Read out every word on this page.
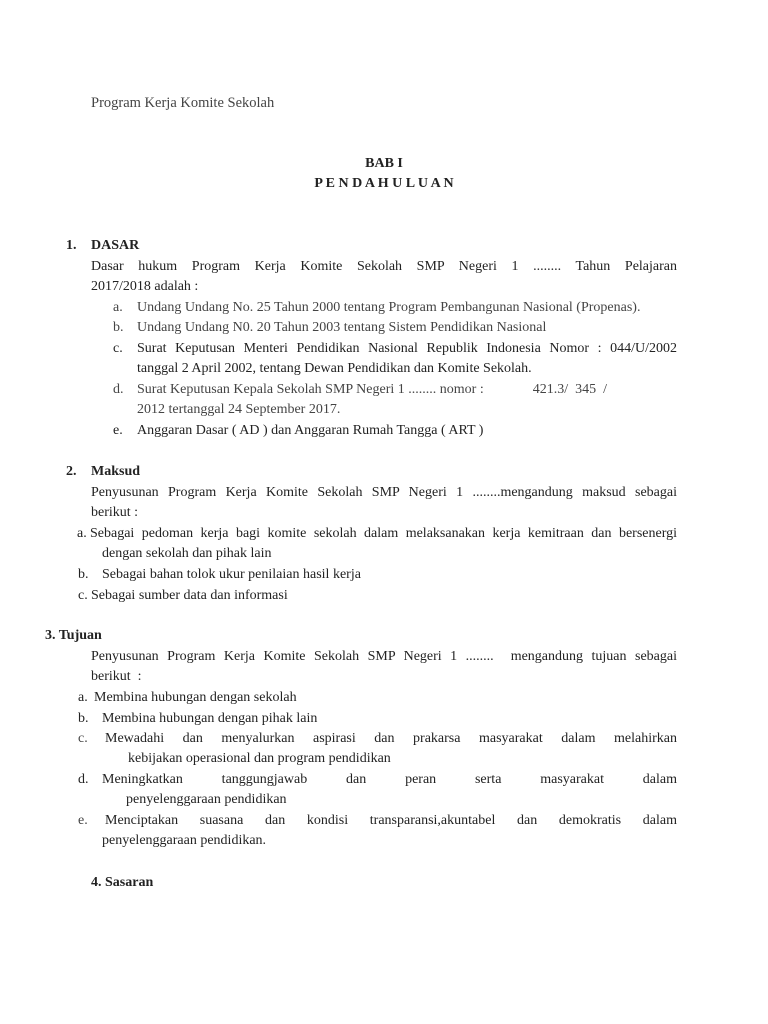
Program Kerja Komite Sekolah
BAB I
P E N D A H U L U A N
1. DASAR
Dasar hukum Program Kerja Komite Sekolah SMP Negeri 1 ........ Tahun Pelajaran
2017/2018 adalah :
a. Undang Undang No. 25 Tahun 2000 tentang Program Pembangunan Nasional (Propenas).
b. Undang Undang N0. 20 Tahun 2003 tentang Sistem Pendidikan Nasional
c. Surat Keputusan Menteri Pendidikan Nasional Republik Indonesia Nomor : 044/U/2002
tanggal 2 April 2002, tentang Dewan Pendidikan dan Komite Sekolah.
d. Surat Keputusan Kepala Sekolah SMP Negeri 1 ........ nomor :              421.3/  345  /
2012 tertanggal 24 September 2017.
e. Anggaran Dasar ( AD ) dan Anggaran Rumah Tangga ( ART )
2. Maksud
Penyusunan Program Kerja Komite Sekolah SMP Negeri 1 ........mengandung maksud sebagai
berikut :
a. Sebagai pedoman kerja bagi komite sekolah dalam melaksanakan kerja kemitraan dan bersenergi
dengan sekolah dan pihak lain
b. Sebagai bahan tolok ukur penilaian hasil kerja
c. Sebagai sumber data dan informasi
3. Tujuan
Penyusunan Program Kerja Komite Sekolah SMP Negeri 1 ........  mengandung tujuan sebagai
berikut  :
a. Membina hubungan dengan sekolah
b. Membina hubungan dengan pihak lain
c. Mewadahi dan menyalurkan aspirasi dan prakarsa masyarakat dalam melahirkan
kebijakan operasional dan program pendidikan
d. Meningkatkan tanggungjawab dan peran serta masyarakat dalam
penyelenggaraan pendidikan
e. Menciptakan suasana dan kondisi transparansi,akuntabel dan demokratis dalam
penyelenggaraan pendidikan.
4. Sasaran
